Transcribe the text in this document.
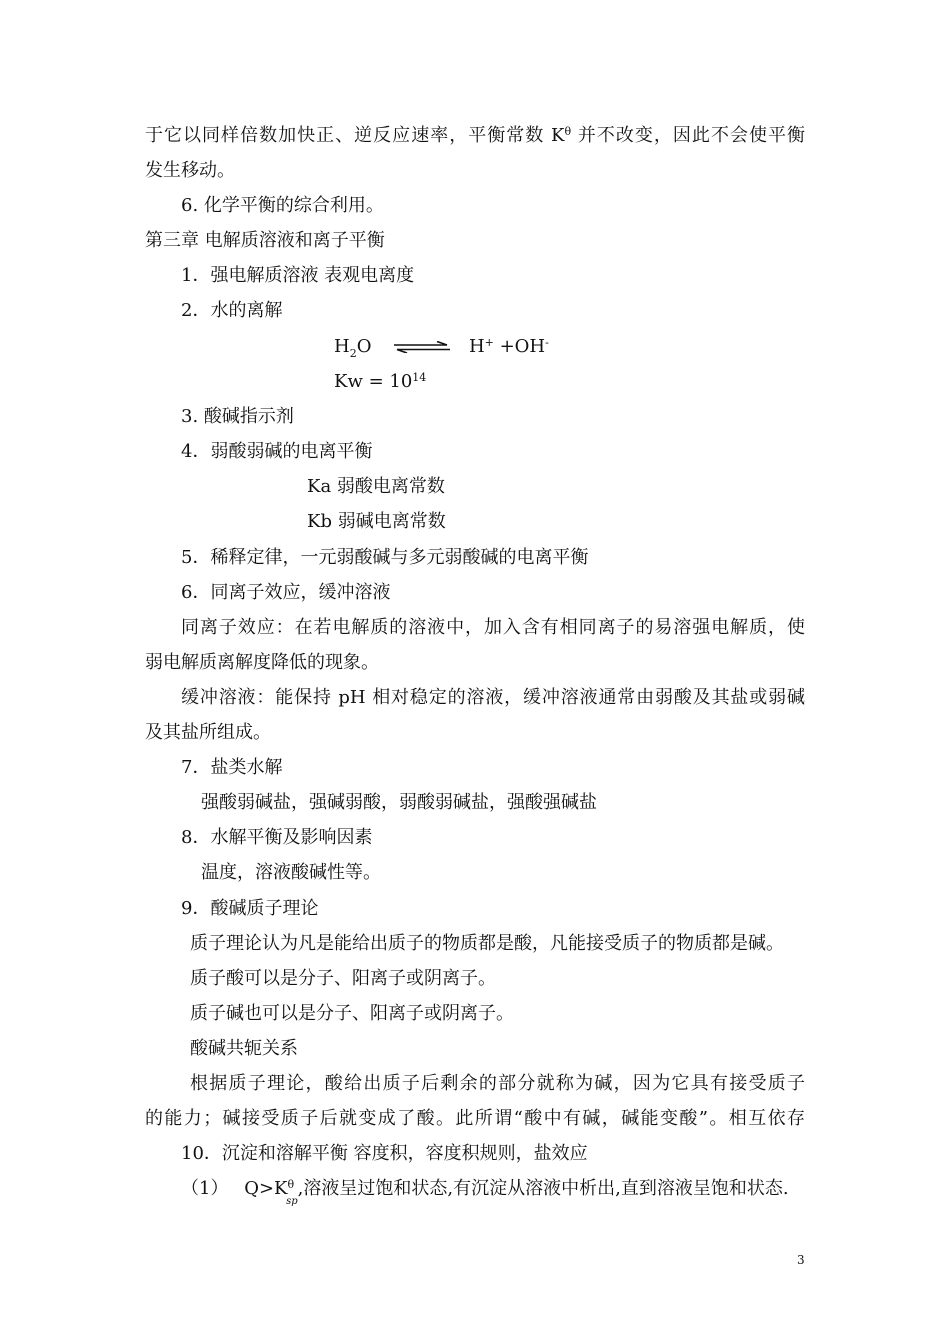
于它以同样倍数加快正、逆反应速率，平衡常数 $K^\theta$ 并不改变，因此不会使平衡
发生移动。
6. 化学平衡的综合利用。
第三章 电解质溶液和离子平衡
1．强电解质溶液 表观电离度
2．水的离解
$H_2O$ ⇌ H+ +OH-
$Kw = 10^{14}$
3. 酸碱指示剂
4．弱酸弱碱的电离平衡
Ka 弱酸电离常数
Kb 弱碱电离常数
5．稀释定律，一元弱酸碱与多元弱酸碱的电离平衡
6．同离子效应，缓冲溶液
同离子效应：在若电解质的溶液中，加入含有相同离子的易溶强电解质，使
弱电解质离解度降低的现象。
缓冲溶液：能保持 pH 相对稳定的溶液，缓冲溶液通常由弱酸及其盐或弱碱
及其盐所组成。
7．盐类水解
强酸弱碱盐，强碱弱酸，弱酸弱碱盐，强酸强碱盐
8．水解平衡及影响因素
温度，溶液酸碱性等。
9．酸碱质子理论
质子理论认为凡是能给出质子的物质都是酸，凡能接受质子的物质都是碱。
质子酸可以是分子、阳离子或阴离子。
质子碱也可以是分子、阳离子或阴离子。
酸碱共轭关系
根据质子理论，酸给出质子后剩余的部分就称为碱，因为它具有接受质子
的能力；碱接受质子后就变成了酸。此所谓“酸中有碱，碱能变酸”。相互依存
10．沉淀和溶解平衡 容度积，容度积规则，盐效应
（1） $Q>K^\theta_{sp}$,溶液呈过饱和状态,有沉淀从溶液中析出,直到溶液呈饱和状态.
3
